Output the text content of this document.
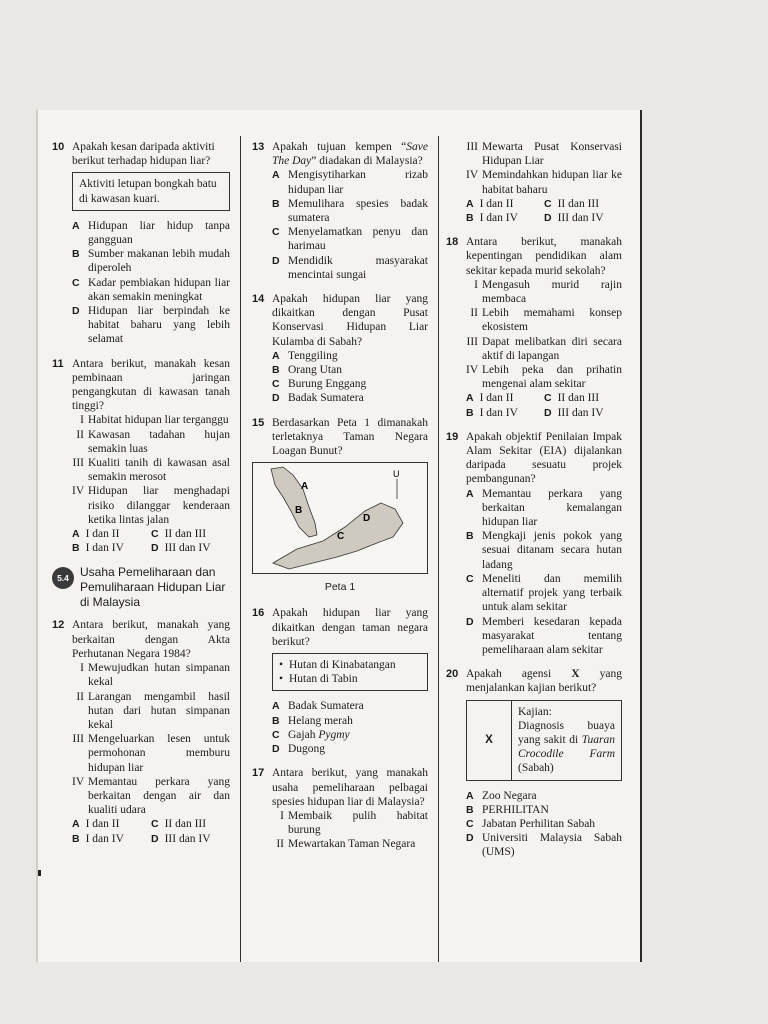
10 Apakah kesan daripada aktiviti berikut terhadap hidupan liar?
Aktiviti letupan bongkah batu di kawasan kuari.
A Hidupan liar hidup tanpa gangguan
B Sumber makanan lebih mudah diperoleh
C Kadar pembiakan hidupan liar akan semakin meningkat
D Hidupan liar berpindah ke habitat baharu yang lebih selamat
11 Antara berikut, manakah kesan pembinaan jaringan pengangkutan di kawasan tanah tinggi?
I Habitat hidupan liar terganggu
II Kawasan tadahan hujan semakin luas
III Kualiti tanih di kawasan asal semakin merosot
IV Hidupan liar menghadapi risiko dilanggar kenderaan ketika lintas jalan
A I dan II	C II dan III
B I dan IV	D III dan IV
5.4 Usaha Pemeliharaan dan Pemuliharaan Hidupan Liar di Malaysia
12 Antara berikut, manakah yang berkaitan dengan Akta Perhutanan Negara 1984?
I Mewujudkan hutan simpanan kekal
II Larangan mengambil hasil hutan dari hutan simpanan kekal
III Mengeluarkan lesen untuk permohonan memburu hidupan liar
IV Memantau perkara yang berkaitan dengan air dan kualiti udara
A I dan II	C II dan III
B I dan IV	D III dan IV
13 Apakah tujuan kempen “Save The Day” diadakan di Malaysia?
A Mengisytiharkan rizab hidupan liar
B Memulihara spesies badak sumatera
C Menyelamatkan penyu dan harimau
D Mendidik masyarakat mencintai sungai
14 Apakah hidupan liar yang dikaitkan dengan Pusat Konservasi Hidupan Liar Kulamba di Sabah?
A Tenggiling
B Orang Utan
C Burung Enggang
D Badak Sumatera
15 Berdasarkan Peta 1 dimanakah terletaknya Taman Negara Loagan Bunut?
U
A
B
C
D
Peta 1
16 Apakah hidupan liar yang dikaitkan dengan taman negara berikut?
• Hutan di Kinabatangan
• Hutan di Tabin
A Badak Sumatera
B Helang merah
C Gajah Pygmy
D Dugong
17 Antara berikut, yang manakah usaha pemeliharaan pelbagai spesies hidupan liar di Malaysia?
I Membaik pulih habitat burung
II Mewartakan Taman Negara
III Mewarta Pusat Konservasi Hidupan Liar
IV Memindahkan hidupan liar ke habitat baharu
A I dan II	C II dan III
B I dan IV	D III dan IV
18 Antara berikut, manakah kepentingan pendidikan alam sekitar kepada murid sekolah?
I Mengasuh murid rajin membaca
II Lebih memahami konsep ekosistem
III Dapat melibatkan diri secara aktif di lapangan
IV Lebih peka dan prihatin mengenai alam sekitar
A I dan II	C II dan III
B I dan IV	D III dan IV
19 Apakah objektif Penilaian Impak Alam Sekitar (EIA) dijalankan daripada sesuatu projek pembangunan?
A Memantau perkara yang berkaitan kemalangan hidupan liar
B Mengkaji jenis pokok yang sesuai ditanam secara hutan ladang
C Meneliti dan memilih alternatif projek yang terbaik untuk alam sekitar
D Memberi kesedaran kepada masyarakat tentang pemeliharaan alam sekitar
20 Apakah agensi X yang menjalankan kajian berikut?
X
Kajian:
Diagnosis buaya yang sakit di Tuaran Crocodile Farm (Sabah)
A Zoo Negara
B PERHILITAN
C Jabatan Perhilitan Sabah
D Universiti Malaysia Sabah (UMS)
